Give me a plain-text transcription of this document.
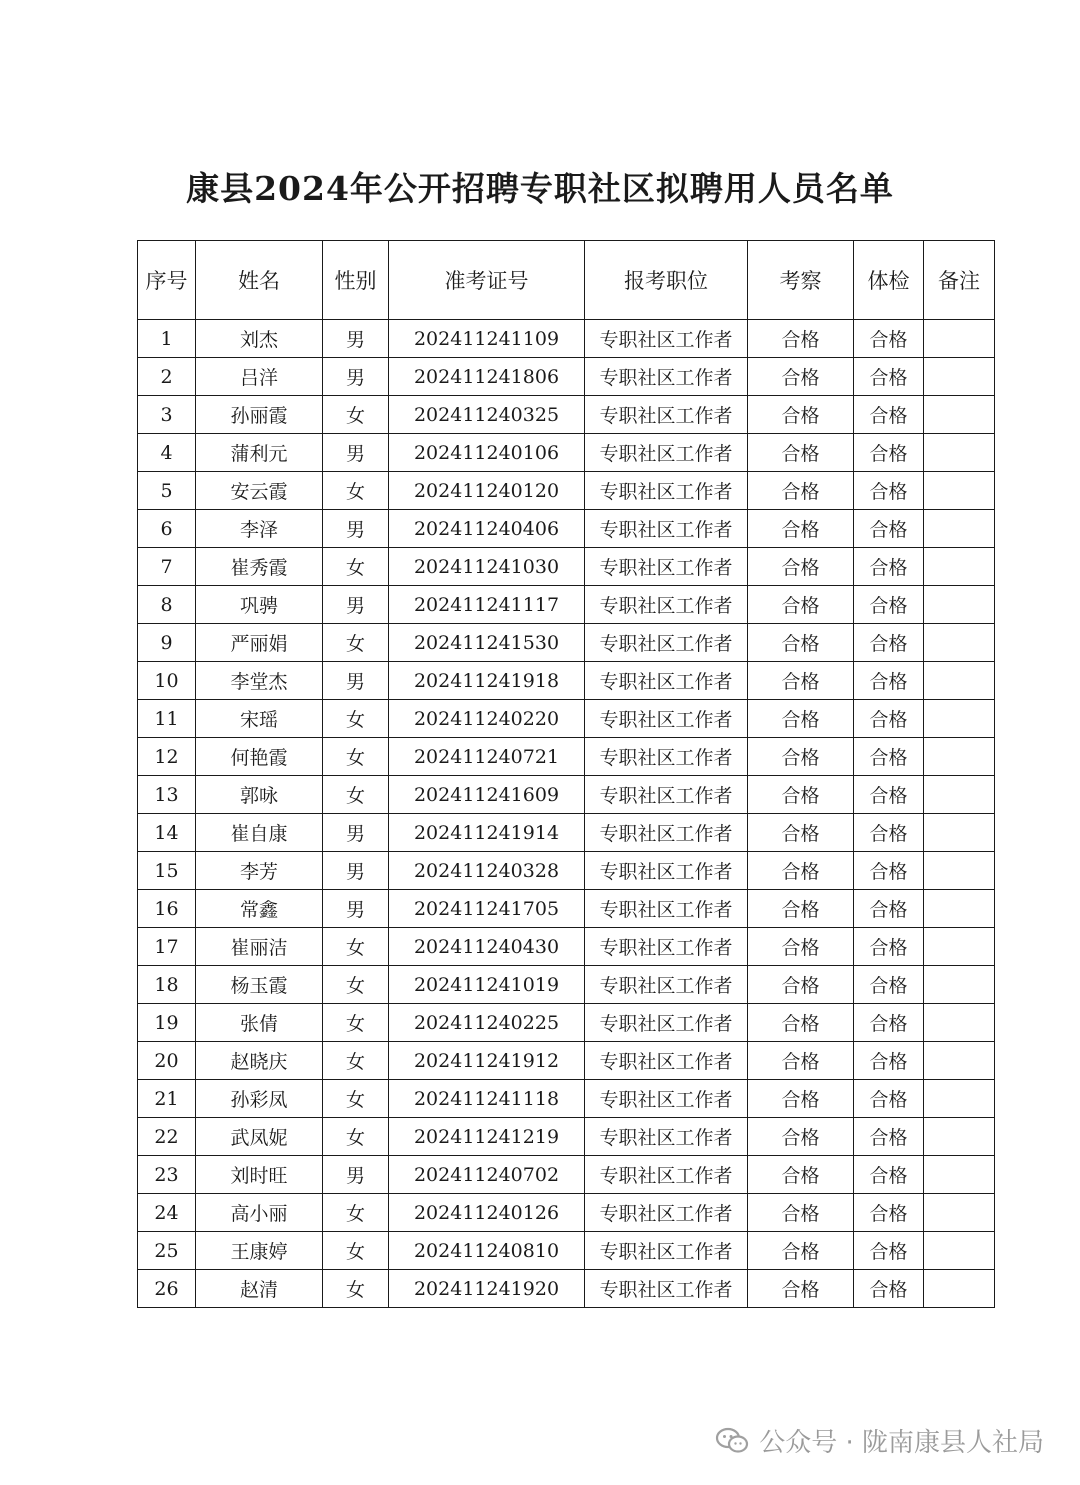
康县2024年公开招聘专职社区拟聘用人员名单
序号	姓名	性别	准考证号	报考职位	考察	体检	备注
1	刘杰	男	202411241109	专职社区工作者	合格	合格	
2	吕洋	男	202411241806	专职社区工作者	合格	合格	
3	孙丽霞	女	202411240325	专职社区工作者	合格	合格	
4	蒲利元	男	202411240106	专职社区工作者	合格	合格	
5	安云霞	女	202411240120	专职社区工作者	合格	合格	
6	李泽	男	202411240406	专职社区工作者	合格	合格	
7	崔秀霞	女	202411241030	专职社区工作者	合格	合格	
8	巩骋	男	202411241117	专职社区工作者	合格	合格	
9	严丽娟	女	202411241530	专职社区工作者	合格	合格	
10	李堂杰	男	202411241918	专职社区工作者	合格	合格	
11	宋瑶	女	202411240220	专职社区工作者	合格	合格	
12	何艳霞	女	202411240721	专职社区工作者	合格	合格	
13	郭咏	女	202411241609	专职社区工作者	合格	合格	
14	崔自康	男	202411241914	专职社区工作者	合格	合格	
15	李芳	男	202411240328	专职社区工作者	合格	合格	
16	常鑫	男	202411241705	专职社区工作者	合格	合格	
17	崔丽洁	女	202411240430	专职社区工作者	合格	合格	
18	杨玉霞	女	202411241019	专职社区工作者	合格	合格	
19	张倩	女	202411240225	专职社区工作者	合格	合格	
20	赵晓庆	女	202411241912	专职社区工作者	合格	合格	
21	孙彩凤	女	202411241118	专职社区工作者	合格	合格	
22	武凤妮	女	202411241219	专职社区工作者	合格	合格	
23	刘时旺	男	202411240702	专职社区工作者	合格	合格	
24	高小丽	女	202411240126	专职社区工作者	合格	合格	
25	王康婷	女	202411240810	专职社区工作者	合格	合格	
26	赵清	女	202411241920	专职社区工作者	合格	合格	
公众号 · 陇南康县人社局
